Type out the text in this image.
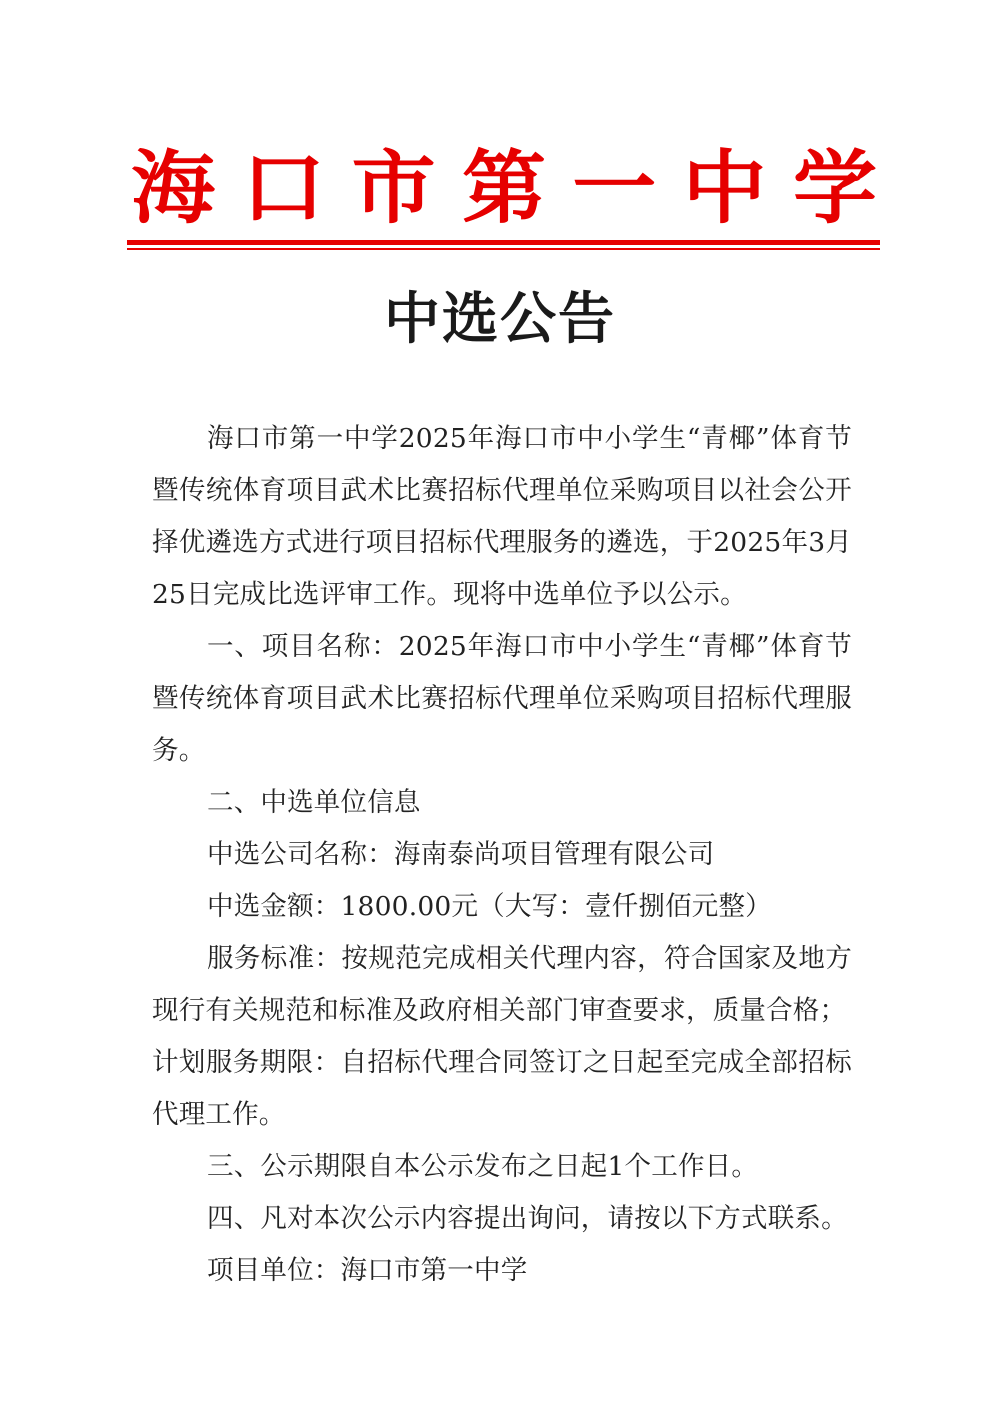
海 口 市 第 一 中 学
中选公告

海口市第一中学2025年海口市中小学生“青椰”体育节暨传统体育项目武术比赛招标代理单位采购项目以社会公开择优遴选方式进行项目招标代理服务的遴选，于2025年3月25日完成比选评审工作。现将中选单位予以公示。

一、项目名称：2025年海口市中小学生“青椰”体育节暨传统体育项目武术比赛招标代理单位采购项目招标代理服务。

二、中选单位信息

中选公司名称：海南泰尚项目管理有限公司

中选金额：1800.00元（大写：壹仟捌佰元整）

服务标准：按规范完成相关代理内容，符合国家及地方现行有关规范和标准及政府相关部门审查要求，质量合格；

计划服务期限：自招标代理合同签订之日起至完成全部招标代理工作。

三、公示期限自本公示发布之日起1个工作日。

四、凡对本次公示内容提出询问，请按以下方式联系。

项目单位：海口市第一中学
